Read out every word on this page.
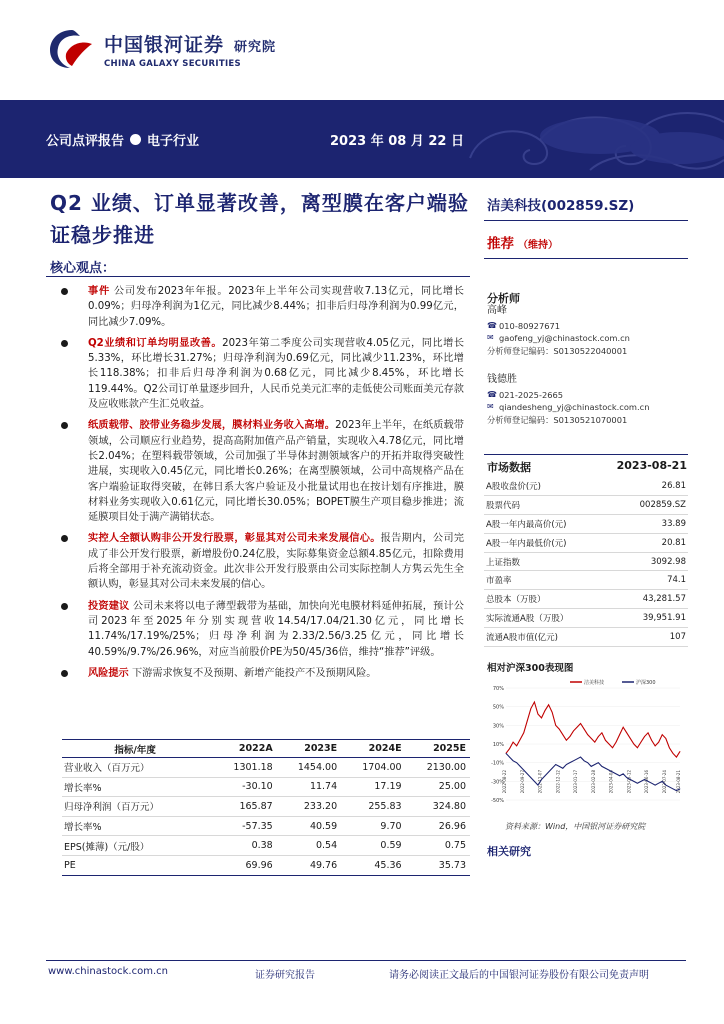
中国银河证券 研究院
CHINA GALAXY SECURITIES
公司点评报告 电子行业	2023 年 08 月 22 日
Q2 业绩、订单显著改善，离型膜在客户端验证稳步推进
核心观点：
事件 公司发布2023年年报。2023年上半年公司实现营收7.13亿元，同比增长0.09%；归母净利润为1亿元，同比减少8.44%；扣非后归母净利润为0.99亿元，同比减少7.09%。
Q2业绩和订单均明显改善。2023年第二季度公司实现营收4.05亿元，同比增长5.33%，环比增长31.27%；归母净利润为0.69亿元，同比减少11.23%，环比增长118.38%；扣非后归母净利润为0.68亿元，同比减少8.45%，环比增长119.44%。Q2公司订单量逐步回升，人民币兑美元汇率的走低使公司账面美元存款及应收账款产生汇兑收益。
纸质载带、胶带业务稳步发展，膜材料业务收入高增。2023年上半年，在纸质载带领域，公司顺应行业趋势，提高高附加值产品产销量，实现收入4.78亿元，同比增长2.04%；在塑料载带领域，公司加强了半导体封测领域客户的开拓并取得突破性进展，实现收入0.45亿元，同比增长0.26%；在离型膜领域，公司中高规格产品在客户端验证取得突破，在韩日系大客户验证及小批量试用也在按计划有序推进，膜材料业务实现收入0.61亿元，同比增长30.05%；BOPET膜生产项目稳步推进；流延膜项目处于满产满销状态。
实控人全额认购非公开发行股票，彰显其对公司未来发展信心。报告期内，公司完成了非公开发行股票，新增股份0.24亿股，实际募集资金总额4.85亿元，扣除费用后将全部用于补充流动资金。此次非公开发行股票由公司实际控制人方隽云先生全额认购，彰显其对公司未来发展的信心。
投资建议 公司未来将以电子薄型载带为基础，加快向光电膜材料延伸拓展，预计公司2023年至2025年分别实现营收14.54/17.04/21.30亿元，同比增长11.74%/17.19%/25%；归母净利润为2.33/2.56/3.25亿元，同比增长40.59%/9.7%/26.96%，对应当前股价PE为50/45/36倍，维持“推荐”评级。
风险提示 下游需求恢复不及预期、新增产能投产不及预期风险。
指标/年度	2022A	2023E	2024E	2025E
营业收入（百万元）	1301.18	1454.00	1704.00	2130.00
增长率%	-30.10	11.74	17.19	25.00
归母净利润（百万元）	165.87	233.20	255.83	324.80
增长率%	-57.35	40.59	9.70	26.96
EPS(摊薄)（元/股）	0.38	0.54	0.59	0.75
PE	69.96	49.76	45.36	35.73
洁美科技(002859.SZ)
推荐 （维持）
分析师
高峰
☎ 010-80927671
✉ gaofeng_yj@chinastock.com.cn
分析师登记编码：S0130522040001
钱德胜
☎ 021-2025-2665
✉ qiandesheng_yj@chinastock.com.cn
分析师登记编码：S0130521070001
市场数据	2023-08-21
A股收盘价(元)	26.81
股票代码	002859.SZ
A股一年内最高价(元)	33.89
A股一年内最低价(元)	20.81
上证指数	3092.98
市盈率	74.1
总股本（万股）	43,281.57
实际流通A股（万股）	39,951.91
流通A股市值(亿元)	107
相对沪深300表现图
70%
50%
30%
10%
-10%
-30%
-50%
2022-08-22	2022-09-27	2022-11-07	2022-12-12	2023-01-17	2023-02-28	2023-04-04	2023-05-12	2023-06-16	2023-07-24 2023-08-21
洁美科技	沪深300
资料来源：Wind，中国银河证券研究院
相关研究
www.chinastock.com.cn	证券研究报告	请务必阅读正文最后的中国银河证券股份有限公司免责声明
